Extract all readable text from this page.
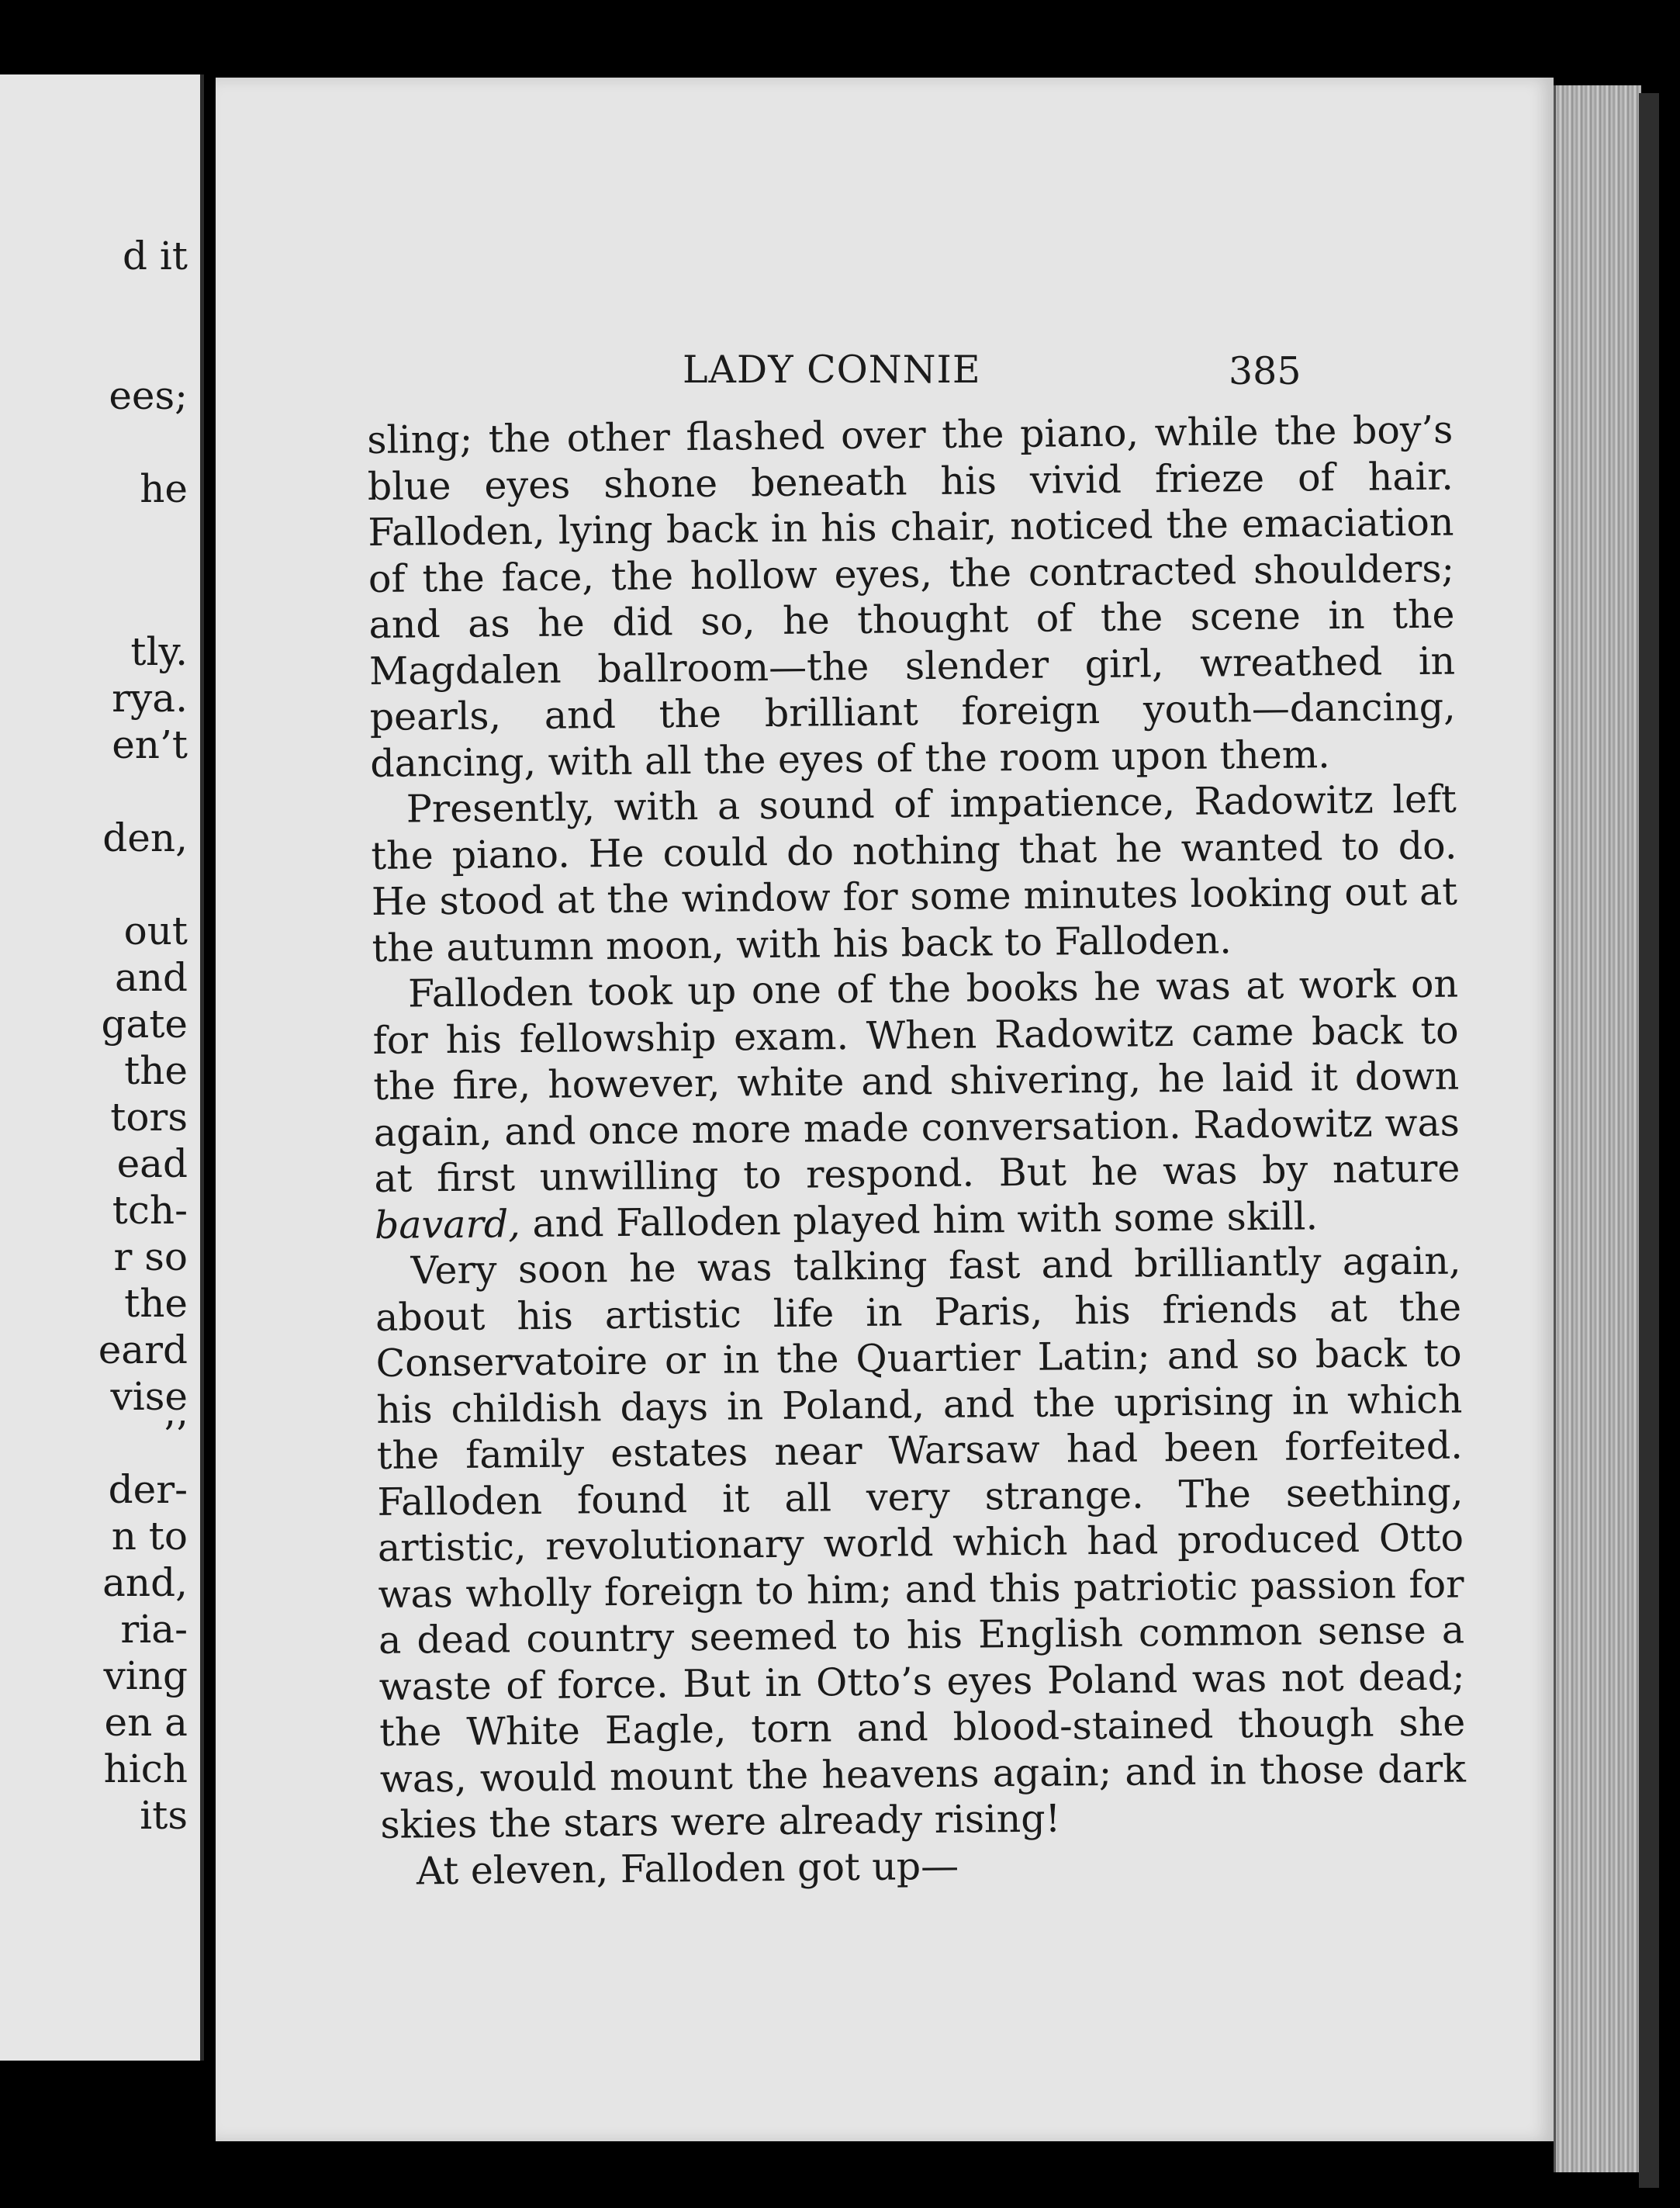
d it
ees;
he
tly.
rya.
en’t
den,
out
and
gate
the
tors
ead
tch-
r so
the
eard
vise
’’
der-
n to
and,
ria-
ving
en a
hich
its
LADY CONNIE	385

sling; the other flashed over the piano, while the boy’s blue eyes shone beneath his vivid frieze of hair. Falloden, lying back in his chair, noticed the emaciation of the face, the hollow eyes, the contracted shoulders; and as he did so, he thought of the scene in the Magdalen ballroom—the slender girl, wreathed in pearls, and the brilliant foreign youth—dancing, dancing, with all the eyes of the room upon them.

Presently, with a sound of impatience, Radowitz left the piano. He could do nothing that he wanted to do. He stood at the window for some minutes looking out at the autumn moon, with his back to Falloden.

Falloden took up one of the books he was at work on for his fellowship exam. When Radowitz came back to the fire, however, white and shivering, he laid it down again, and once more made conversation. Radowitz was at first unwilling to respond. But he was by nature bavard, and Falloden played him with some skill.

Very soon he was talking fast and brilliantly again, about his artistic life in Paris, his friends at the Conservatoire or in the Quartier Latin; and so back to his childish days in Poland, and the uprising in which the family estates near Warsaw had been forfeited. Falloden found it all very strange. The seething, artistic, revolutionary world which had produced Otto was wholly foreign to him; and this patriotic passion for a dead country seemed to his English common sense a waste of force. But in Otto’s eyes Poland was not dead; the White Eagle, torn and blood-stained though she was, would mount the heavens again; and in those dark skies the stars were already rising!

At eleven, Falloden got up—
